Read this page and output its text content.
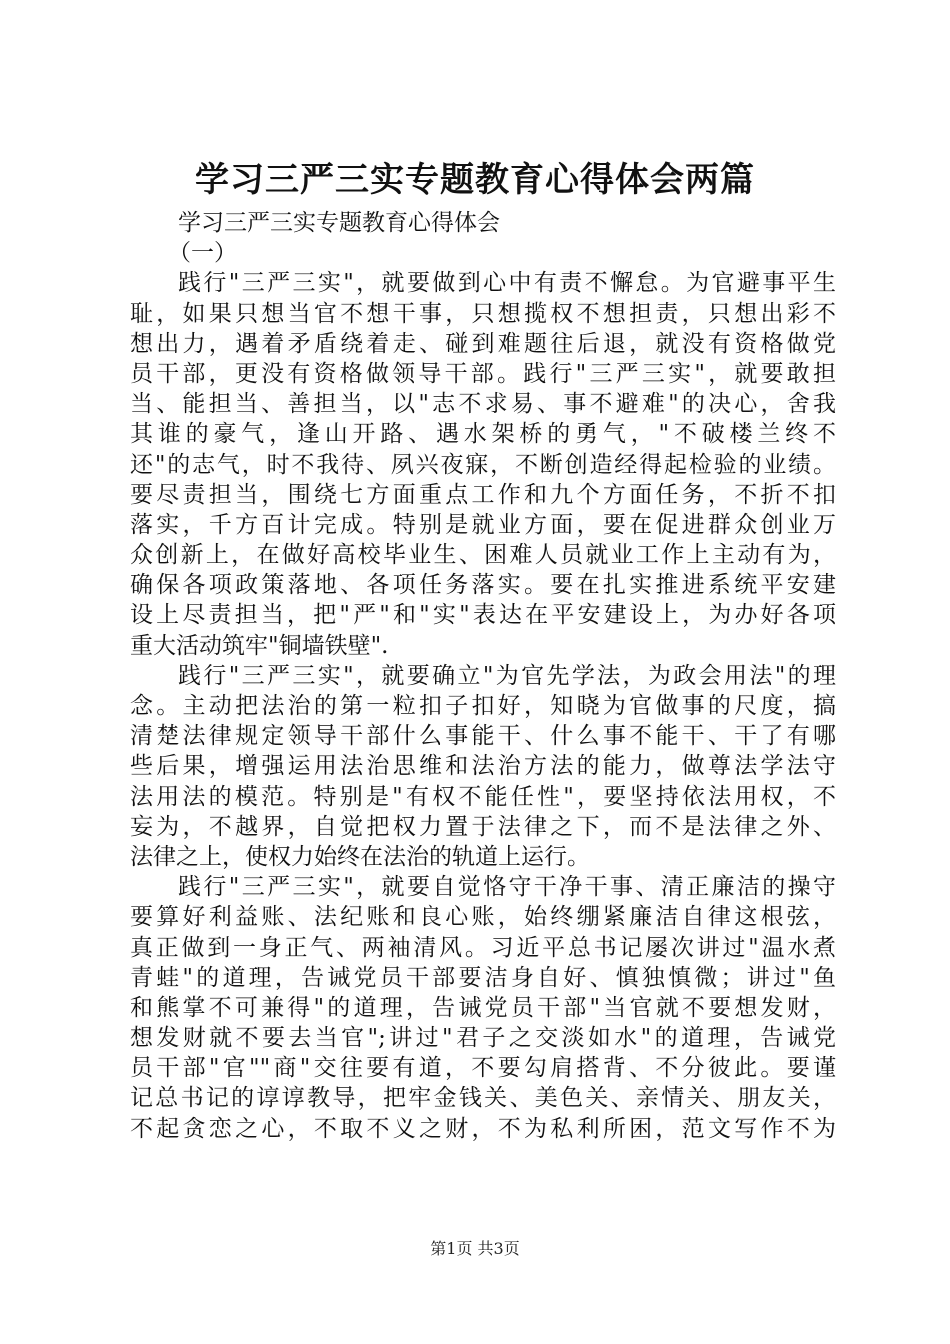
学习三严三实专题教育心得体会两篇
学习三严三实专题教育心得体会
（一）
践行"三严三实"，就要做到心中有责不懈怠。为官避事平生
耻，如果只想当官不想干事，只想揽权不想担责，只想出彩不
想出力，遇着矛盾绕着走、碰到难题往后退，就没有资格做党
员干部，更没有资格做领导干部。践行"三严三实"，就要敢担
当、能担当、善担当，以"志不求易、事不避难"的决心，舍我
其谁的豪气，逢山开路、遇水架桥的勇气，"不破楼兰终不
还"的志气，时不我待、夙兴夜寐，不断创造经得起检验的业绩。
要尽责担当，围绕七方面重点工作和九个方面任务，不折不扣
落实，千方百计完成。特别是就业方面，要在促进群众创业万
众创新上，在做好高校毕业生、困难人员就业工作上主动有为，
确保各项政策落地、各项任务落实。要在扎实推进系统平安建
设上尽责担当，把"严"和"实"表达在平安建设上，为办好各项
重大活动筑牢"铜墙铁壁".
践行"三严三实"，就要确立"为官先学法，为政会用法"的理
念。主动把法治的第一粒扣子扣好，知晓为官做事的尺度，搞
清楚法律规定领导干部什么事能干、什么事不能干、干了有哪
些后果，增强运用法治思维和法治方法的能力，做尊法学法守
法用法的模范。特别是"有权不能任性"，要坚持依法用权，不
妄为，不越界，自觉把权力置于法律之下，而不是法律之外、
法律之上，使权力始终在法治的轨道上运行。
践行"三严三实"，就要自觉恪守干净干事、清正廉洁的操守
要算好利益账、法纪账和良心账，始终绷紧廉洁自律这根弦，
真正做到一身正气、两袖清风。习近平总书记屡次讲过"温水煮
青蛙"的道理，告诫党员干部要洁身自好、慎独慎微；讲过"鱼
和熊掌不可兼得"的道理，告诫党员干部"当官就不要想发财，
想发财就不要去当官";讲过"君子之交淡如水"的道理，告诫党
员干部"官""商"交往要有道，不要勾肩搭背、不分彼此。要谨
记总书记的谆谆教导，把牢金钱关、美色关、亲情关、朋友关，
不起贪恋之心，不取不义之财，不为私利所困，范文写作不为
第1页 共3页
